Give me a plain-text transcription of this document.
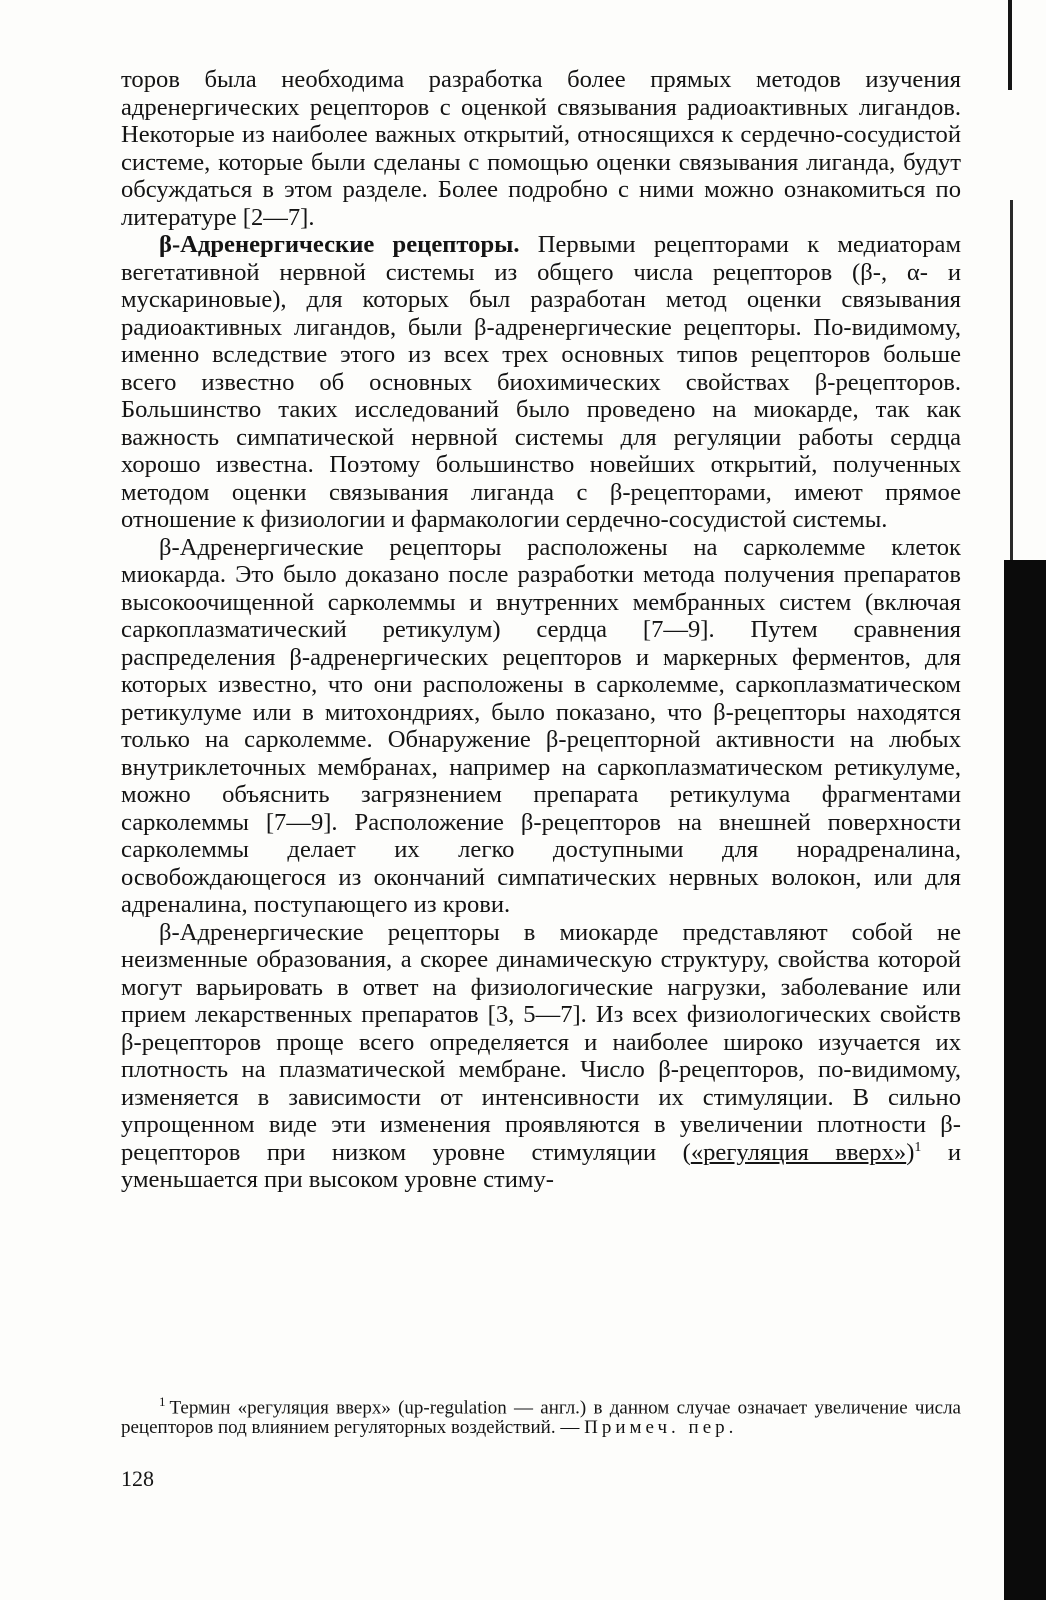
торов была необходима разработка более прямых методов изучения адренергических рецепторов с оценкой связывания радиоактивных лигандов. Некоторые из наиболее важных открытий, относящихся к сердечно-сосудистой системе, которые были сделаны с помощью оценки связывания лиганда, будут обсуждаться в этом разделе. Более подробно с ними можно ознакомиться по литературе [2—7].

β-Адренергические рецепторы. Первыми рецепторами к медиаторам вегетативной нервной системы из общего числа рецепторов (β-, α- и мускариновые), для которых был разработан метод оценки связывания радиоактивных лигандов, были β-адренергические рецепторы. По-видимому, именно вследствие этого из всех трех основных типов рецепторов больше всего известно об основных биохимических свойствах β-рецепторов. Большинство таких исследований было проведено на миокарде, так как важность симпатической нервной системы для регуляции работы сердца хорошо известна. Поэтому большинство новейших открытий, полученных методом оценки связывания лиганда с β-рецепторами, имеют прямое отношение к физиологии и фармакологии сердечно-сосудистой системы.

β-Адренергические рецепторы расположены на сарколемме клеток миокарда. Это было доказано после разработки метода получения препаратов высокоочищенной сарколеммы и внутренних мембранных систем (включая саркоплазматический ретикулум) сердца [7—9]. Путем сравнения распределения β-адренергических рецепторов и маркерных ферментов, для которых известно, что они расположены в сарколемме, саркоплазматическом ретикулуме или в митохондриях, было показано, что β-рецепторы находятся только на сарколемме. Обнаружение β-рецепторной активности на любых внутриклеточных мембранах, например на саркоплазматическом ретикулуме, можно объяснить загрязнением препарата ретикулума фрагментами сарколеммы [7—9]. Расположение β-рецепторов на внешней поверхности сарколеммы делает их легко доступными для норадреналина, освобождающегося из окончаний симпатических нервных волокон, или для адреналина, поступающего из крови.

β-Адренергические рецепторы в миокарде представляют собой не неизменные образования, а скорее динамическую структуру, свойства которой могут варьировать в ответ на физиологические нагрузки, заболевание или прием лекарственных препаратов [3, 5—7]. Из всех физиологических свойств β-рецепторов проще всего определяется и наиболее широко изучается их плотность на плазматической мембране. Число β-рецепторов, по-видимому, изменяется в зависимости от интенсивности их стимуляции. В сильно упрощенном виде эти изменения проявляются в увеличении плотности β-рецепторов при низком уровне стимуляции («регуляция вверх»)$^1$ и уменьшается при высоком уровне стиму-

$^1$ Термин «регуляция вверх» (up-regulation — англ.) в данном случае означает увеличение числа рецепторов под влиянием регуляторных воздействий. — Примеч. пер.
128
